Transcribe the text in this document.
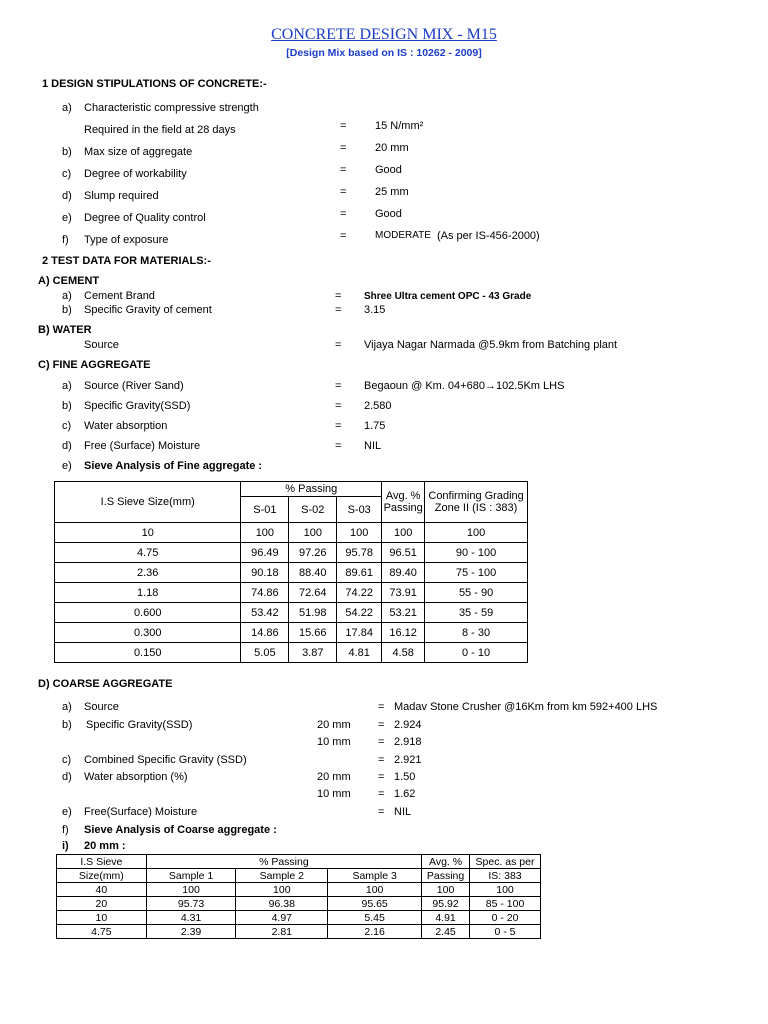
CONCRETE DESIGN MIX - M15
[Design Mix based on IS : 10262 - 2009]
1 DESIGN STIPULATIONS OF CONCRETE:-
a) Characteristic compressive strength
Required in the field at 28 days	=	15 N/mm²
b) Max size of aggregate	=	20 mm
c) Degree of workability	=	Good
d) Slump required	=	25 mm
e) Degree of Quality control	=	Good
f) Type of exposure	=	MODERATE (As per IS-456-2000)
2 TEST DATA FOR MATERIALS:-
A) CEMENT
a) Cement Brand	= Shree Ultra cement OPC - 43 Grade
b) Specific Gravity of cement	= 3.15
B) WATER
Source	= Vijaya Nagar Narmada @5.9km from Batching plant
C) FINE AGGREGATE
a) Source (River Sand)	= Begaoun @ Km. 04+680→102.5Km LHS
b) Specific Gravity(SSD)	= 2.580
c) Water absorption	= 1.75
d) Free (Surface) Moisture	= NIL
e) Sieve Analysis of Fine aggregate :
I.S Sieve Size(mm)	% Passing			Avg. % Passing	Confirming Grading Zone II (IS : 383)
	S-01	S-02	S-03		
10	100	100	100	100	100
4.75	96.49	97.26	95.78	96.51	90 - 100
2.36	90.18	88.40	89.61	89.40	75 - 100
1.18	74.86	72.64	74.22	73.91	55 - 90
0.600	53.42	51.98	54.22	53.21	35 - 59
0.300	14.86	15.66	17.84	16.12	8 - 30
0.150	5.05	3.87	4.81	4.58	0 - 10
D) COARSE AGGREGATE
a) Source	= Madav Stone Crusher @16Km from km 592+400 LHS
b) Specific Gravity(SSD)	20 mm = 2.924
10 mm = 2.918
c) Combined Specific Gravity (SSD)	= 2.921
d) Water absorption (%)	20 mm = 1.50
10 mm = 1.62
e) Free(Surface) Moisture	= NIL
f) Sieve Analysis of Coarse aggregate :
i) 20 mm :
I.S Sieve	% Passing			Avg. %	Spec. as per
Size(mm)	Sample 1	Sample 2	Sample 3	Passing	IS: 383
40	100	100	100	100	100
20	95.73	96.38	95.65	95.92	85 - 100
10	4.31	4.97	5.45	4.91	0 - 20
4.75	2.39	2.81	2.16	2.45	0 - 5
